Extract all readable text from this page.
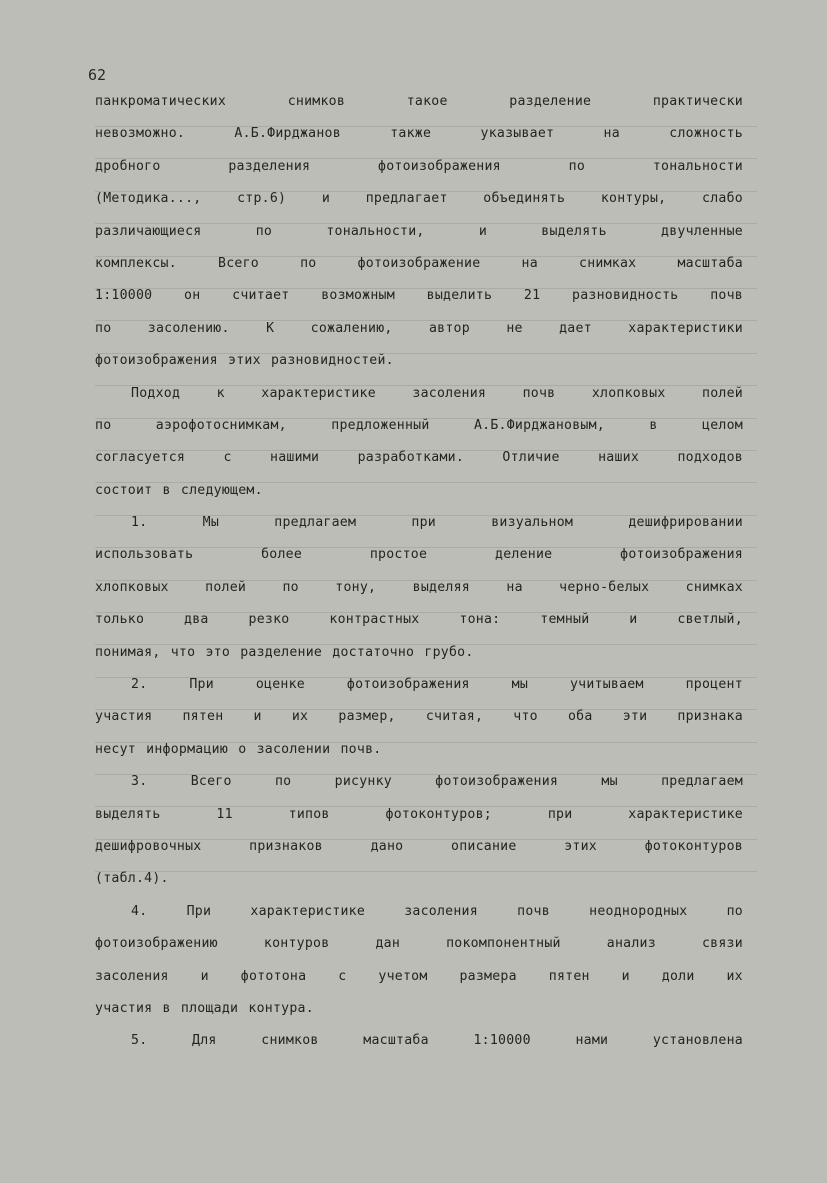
62
панкроматических	снимков	такое	разделение	практически
невозможно.	А.Б.Фирджанов	также	указывает	на	сложность
дробного	разделения	фотоизображения	по	тональности
(Методика...,	стр.6)	и	предлагает	объединять	контуры,	слабо
различающиеся	по	тональности,	и	выделять	двучленные
комплексы.	Всего	по	фотоизображение	на	снимках	масштаба
1:10000 он считает возможным выделить 21 разновидность почв
по	засолению.	К	сожалению,	автор	не	дает	характеристики
фотоизображения этих разновидностей.
Подход	к	характеристике	засоления	почв	хлопковых	полей
по	аэрофотоснимкам,	предложенный	А.Б.Фирджановым,	в	целом
согласуется	с	нашими	разработками.	Отличие	наших	подходов
состоит в следующем.
1.	Мы	предлагаем	при	визуальном	дешифрировании
использовать	более	простое	деление	фотоизображения
хлопковых	полей	по	тону,	выделяя	на	черно-белых	снимках
только	два	резко	контрастных	тона:	темный	и	светлый,
понимая, что это разделение достаточно грубо.
2.	При	оценке	фотоизображения	мы	учитываем	процент
участия пятен и их размер, считая, что оба эти признака
несут информацию о засолении почв.
3.	Всего	по	рисунку	фотоизображения	мы	предлагаем
выделять	11	типов	фотоконтуров;	при	характеристике
дешифровочных	признаков	дано	описание	этих	фотоконтуров
(табл.4).
4.	При	характеристике	засоления	почв	неоднородных	по
фотоизображению	контуров	дан	покомпонентный	анализ	связи
засоления и фототона с учетом размера пятен и доли их
участия в площади контура.
5.	Для	снимков	масштаба	1:10000	нами	установлена
